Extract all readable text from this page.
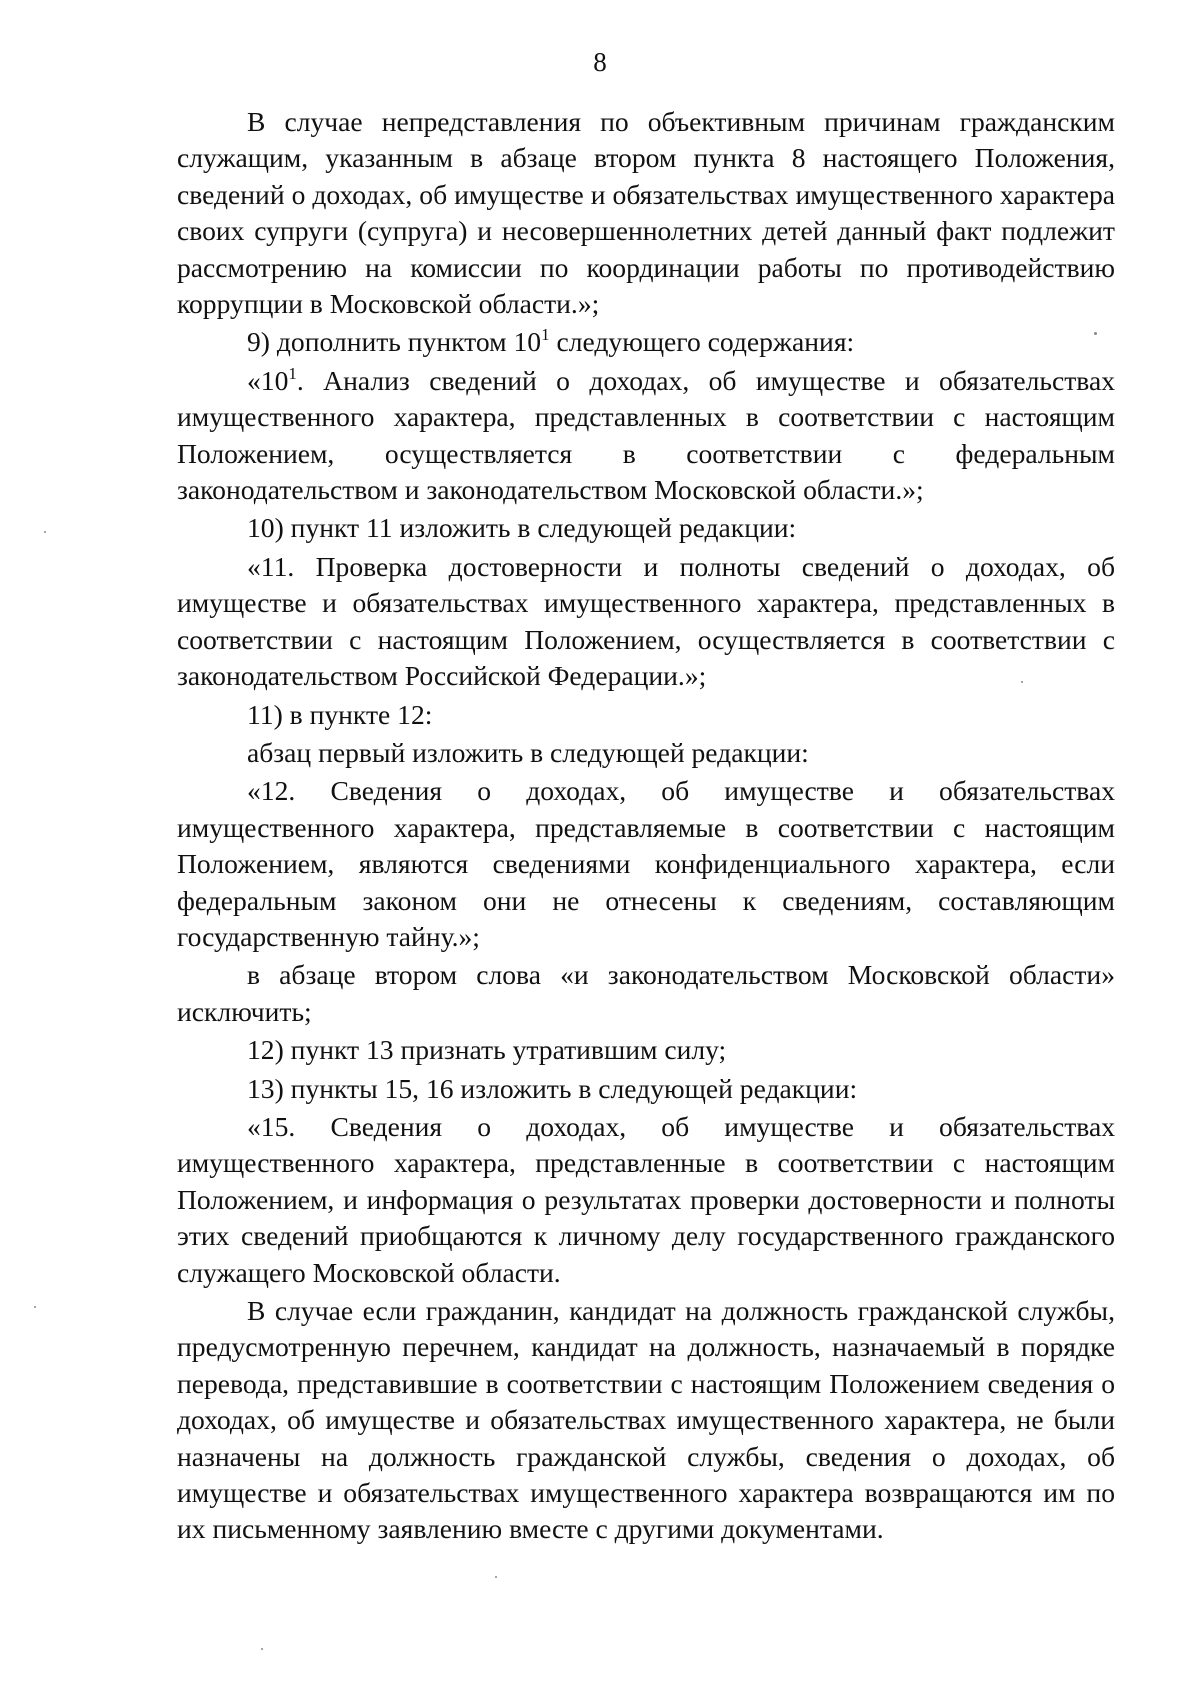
8

В случае непредставления по объективным причинам гражданским служащим, указанным в абзаце втором пункта 8 настоящего Положения, сведений о доходах, об имуществе и обязательствах имущественного характера своих супруги (супруга) и несовершеннолетних детей данный факт подлежит рассмотрению на комиссии по координации работы по противодействию коррупции в Московской области.»;

9) дополнить пунктом $10^1$ следующего содержания:

«$10^1$. Анализ сведений о доходах, об имуществе и обязательствах имущественного характера, представленных в соответствии с настоящим Положением, осуществляется в соответствии с федеральным законодательством и законодательством Московской области.»;

10) пункт 11 изложить в следующей редакции:

«11. Проверка достоверности и полноты сведений о доходах, об имуществе и обязательствах имущественного характера, представленных в соответствии с настоящим Положением, осуществляется в соответствии с законодательством Российской Федерации.»;

11) в пункте 12:

абзац первый изложить в следующей редакции:

«12. Сведения о доходах, об имуществе и обязательствах имущественного характера, представляемые в соответствии с настоящим Положением, являются сведениями конфиденциального характера, если федеральным законом они не отнесены к сведениям, составляющим государственную тайну.»;

в абзаце втором слова «и законодательством Московской области» исключить;

12) пункт 13 признать утратившим силу;

13) пункты 15, 16 изложить в следующей редакции:

«15. Сведения о доходах, об имуществе и обязательствах имущественного характера, представленные в соответствии с настоящим Положением, и информация о результатах проверки достоверности и полноты этих сведений приобщаются к личному делу государственного гражданского служащего Московской области.

В случае если гражданин, кандидат на должность гражданской службы, предусмотренную перечнем, кандидат на должность, назначаемый в порядке перевода, представившие в соответствии с настоящим Положением сведения о доходах, об имуществе и обязательствах имущественного характера, не были назначены на должность гражданской службы, сведения о доходах, об имуществе и обязательствах имущественного характера возвращаются им по их письменному заявлению вместе с другими документами.
